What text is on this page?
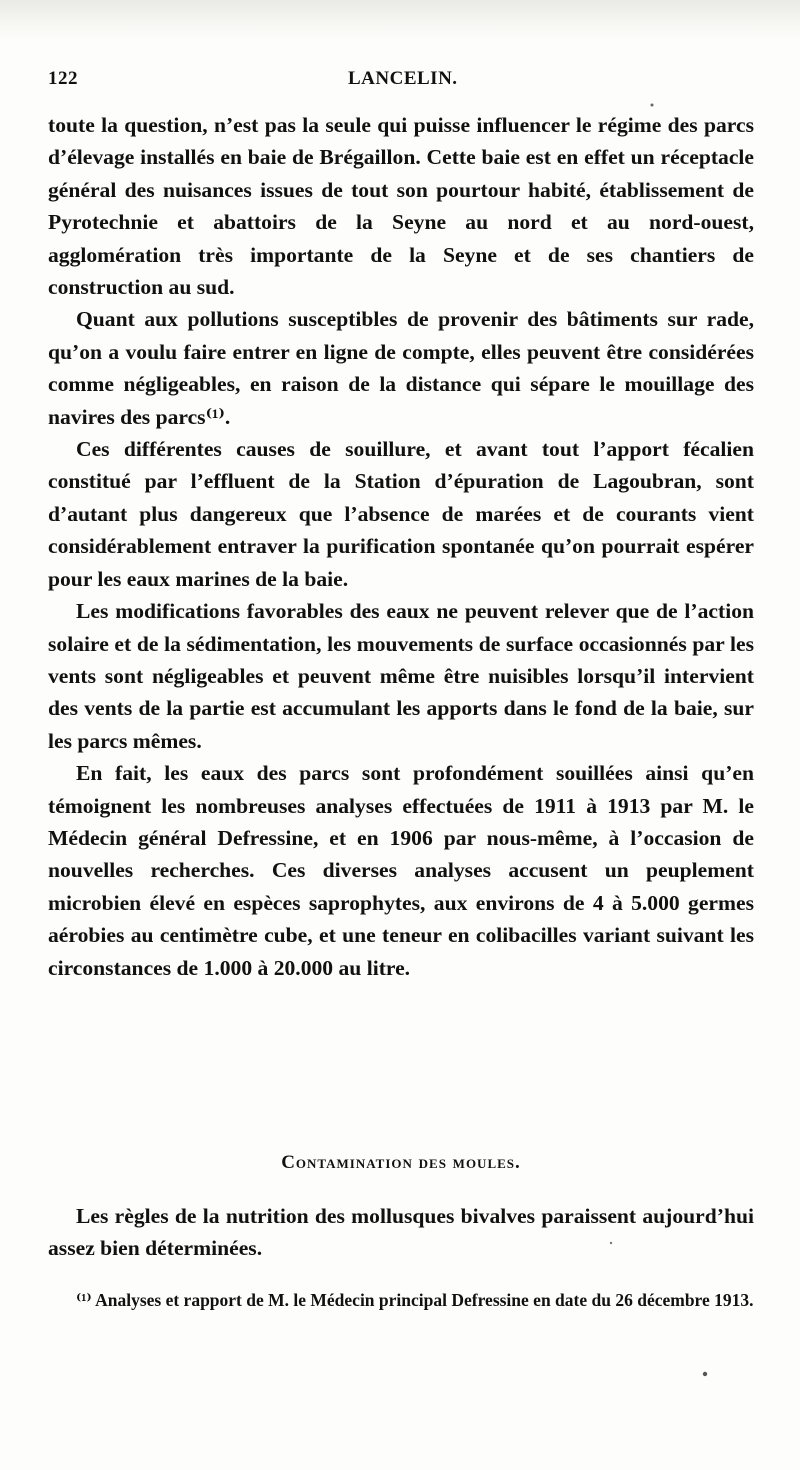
122	LANCELIN.

toute la question, n’est pas la seule qui puisse influencer le régime des parcs d’élevage installés en baie de Brégaillon. Cette baie est en effet un réceptacle général des nuisances issues de tout son pourtour habité, établissement de Pyrotechnie et abattoirs de la Seyne au nord et au nord-ouest, agglomération très importante de la Seyne et de ses chantiers de construction au sud.

Quant aux pollutions susceptibles de provenir des bâtiments sur rade, qu’on a voulu faire entrer en ligne de compte, elles peuvent être considérées comme négligeables, en raison de la distance qui sépare le mouillage des navires des parcs⁽¹⁾.

Ces différentes causes de souillure, et avant tout l’apport fécalien constitué par l’effluent de la Station d’épuration de Lagoubran, sont d’autant plus dangereux que l’absence de marées et de courants vient considérablement entraver la purification spontanée qu’on pourrait espérer pour les eaux marines de la baie.

Les modifications favorables des eaux ne peuvent relever que de l’action solaire et de la sédimentation, les mouvements de surface occasionnés par les vents sont négligeables et peuvent même être nuisibles lorsqu’il intervient des vents de la partie est accumulant les apports dans le fond de la baie, sur les parcs mêmes.

En fait, les eaux des parcs sont profondément souillées ainsi qu’en témoignent les nombreuses analyses effectuées de 1911 à 1913 par M. le Médecin général Defressine, et en 1906 par nous-même, à l’occasion de nouvelles recherches. Ces diverses analyses accusent un peuplement microbien élevé en espèces saprophytes, aux environs de 4 à 5.000 germes aérobies au centimètre cube, et une teneur en colibacilles variant suivant les circonstances de 1.000 à 20.000 au litre.

Contamination des moules.

Les règles de la nutrition des mollusques bivalves paraissent aujourd’hui assez bien déterminées.

⁽¹⁾ Analyses et rapport de M. le Médecin principal Defressine en date du 26 décembre 1913.
